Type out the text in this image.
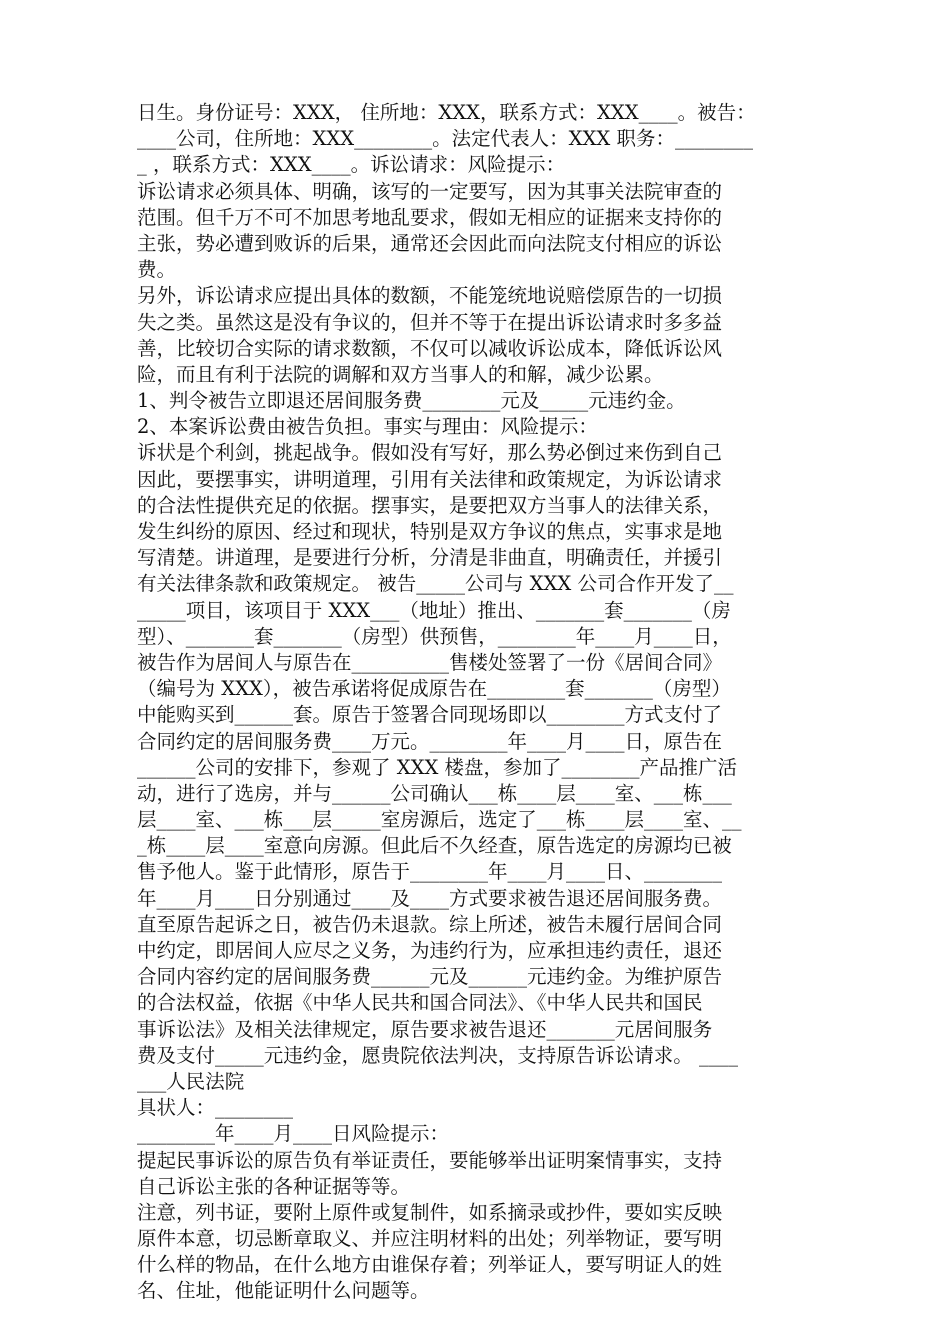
日生。身份证号：XXX， 住所地：XXX，联系方式：XXX____。被告：
____公司，住所地：XXX________。法定代表人：XXX 职务：________
_ ，联系方式：XXX____。诉讼请求：风险提示：
诉讼请求必须具体、明确，该写的一定要写，因为其事关法院审查的
范围。但千万不可不加思考地乱要求，假如无相应的证据来支持你的
主张，势必遭到败诉的后果，通常还会因此而向法院支付相应的诉讼
费。
另外，诉讼请求应提出具体的数额，不能笼统地说赔偿原告的一切损
失之类。虽然这是没有争议的，但并不等于在提出诉讼请求时多多益
善，比较切合实际的请求数额，不仅可以减收诉讼成本，降低诉讼风
险，而且有利于法院的调解和双方当事人的和解，减少讼累。
1、判令被告立即退还居间服务费________元及_____元违约金。
2、本案诉讼费由被告负担。事实与理由：风险提示：
诉状是个利剑，挑起战争。假如没有写好，那么势必倒过来伤到自己
因此，要摆事实，讲明道理，引用有关法律和政策规定，为诉讼请求
的合法性提供充足的依据。摆事实，是要把双方当事人的法律关系，
发生纠纷的原因、经过和现状，特别是双方争议的焦点，实事求是地
写清楚。讲道理，是要进行分析，分清是非曲直，明确责任，并援引
有关法律条款和政策规定。 被告_____公司与 XXX 公司合作开发了__
_____项目，该项目于 XXX___（地址）推出、_______套_______（房
型）、_______套_______（房型）供预售，________年____月____日，
被告作为居间人与原告在__________售楼处签署了一份《居间合同》
（编号为 XXX），被告承诺将促成原告在________套_______（房型）
中能购买到______套。原告于签署合同现场即以________方式支付了
合同约定的居间服务费____万元。________年____月____日，原告在
______公司的安排下，参观了 XXX 楼盘，参加了________产品推广活
动，进行了选房，并与______公司确认___栋____层____室、___栋___
层____室、___栋___层_____室房源后，选定了___栋____层____室、__
_栋____层____室意向房源。但此后不久经查，原告选定的房源均已被
售予他人。鉴于此情形，原告于________年____月____日、________
年____月____日分别通过____及____方式要求被告退还居间服务费。
直至原告起诉之日，被告仍未退款。综上所述，被告未履行居间合同
中约定，即居间人应尽之义务，为违约行为，应承担违约责任，退还
合同内容约定的居间服务费______元及______元违约金。为维护原告
的合法权益，依据《中华人民共和国合同法》、《中华人民共和国民
事诉讼法》及相关法律规定，原告要求被告退还_______元居间服务
费及支付_____元违约金，愿贵院依法判决，支持原告诉讼请求。 ____
___人民法院
具状人：________
________年____月____日风险提示：
提起民事诉讼的原告负有举证责任，要能够举出证明案情事实，支持
自己诉讼主张的各种证据等等。
注意，列书证，要附上原件或复制件，如系摘录或抄件，要如实反映
原件本意，切忌断章取义、并应注明材料的出处；列举物证，要写明
什么样的物品，在什么地方由谁保存着；列举证人，要写明证人的姓
名、住址，他能证明什么问题等。
